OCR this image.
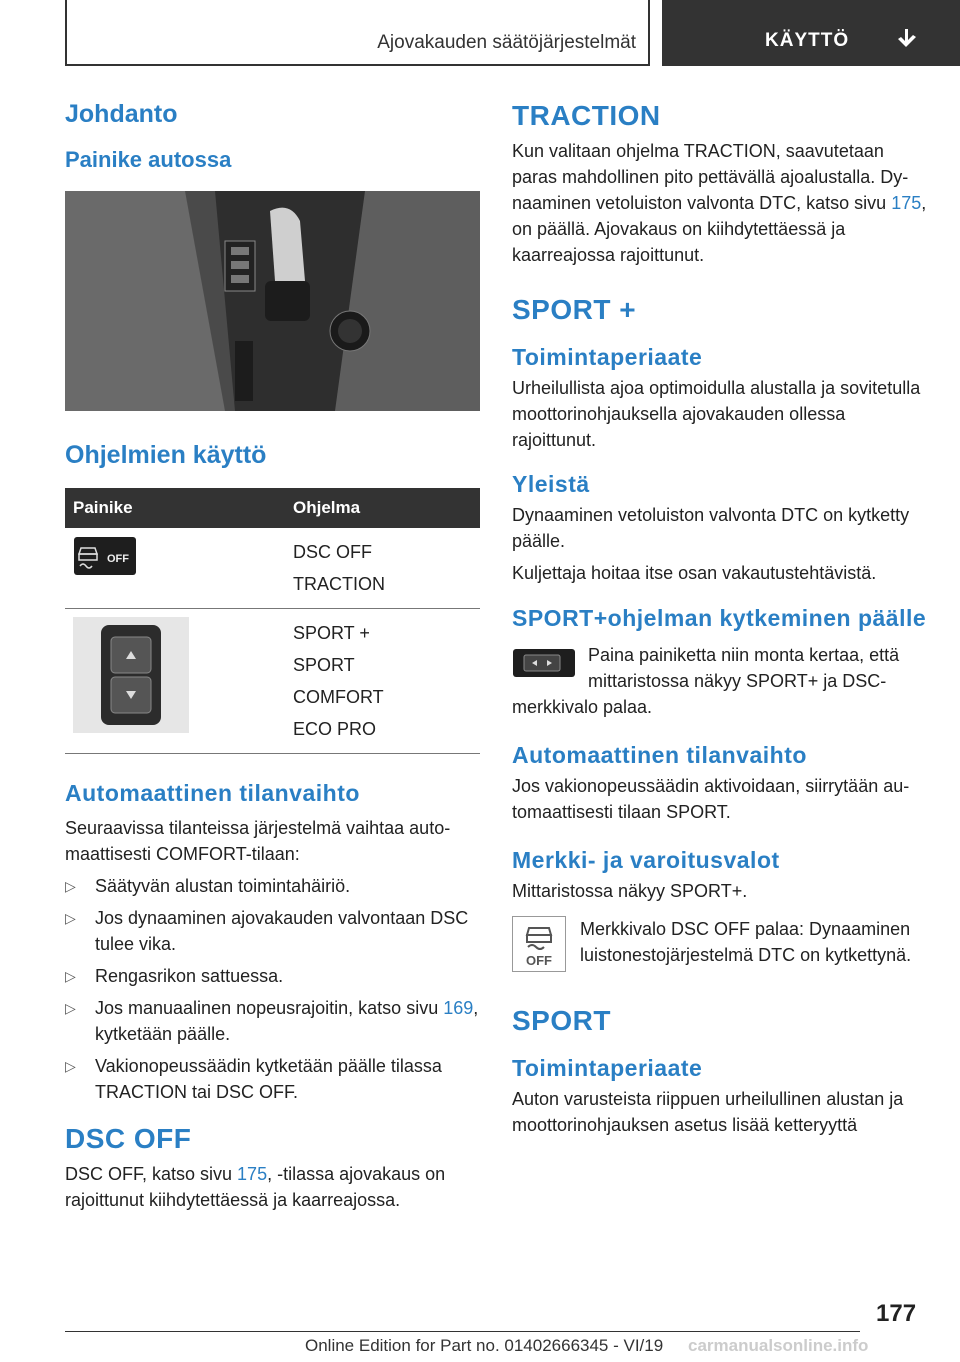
Ajovakauden säätöjärjestelmät	KÄYTTÖ
Johdanto
Painike autossa
Ohjelmien käyttö
Painike	Ohjelma

OFF	DSC OFF
TRACTION

SPORT +
SPORT
COMFORT
ECO PRO
Automaattinen tilanvaihto

Seuraavissa tilanteissa järjestelmä vaihtaa automaattisesti COMFORT-tilaan:

▷ Säätyvän alustan toimintahäiriö.
▷ Jos dynaaminen ajovakauden valvontaan DSC tulee vika.
▷ Rengasrikon sattuessa.
▷ Jos manuaalinen nopeusrajoitin, katso sivu 169, kytketään päälle.
▷ Vakionopeussäädin kytketään päälle tilassa TRACTION tai DSC OFF.
DSC OFF

DSC OFF, katso sivu 175, -tilassa ajovakaus on rajoittunut kiihdytettäessä ja kaarreajossa.

TRACTION

Kun valitaan ohjelma TRACTION, saavutetaan paras mahdollinen pito pettävällä ajoalustalla. Dynaaminen vetoluiston valvonta DTC, katso sivu 175, on päällä. Ajovakaus on kiihdytettäessä ja kaarreajossa rajoittunut.

SPORT +
Toimintaperiaate

Urheilullista ajoa optimoidulla alustalla ja sovitetulla moottorinohjauksella ajovakauden ollessa rajoittunut.

Yleistä

Dynaaminen vetoluiston valvonta DTC on kytketty päälle.

Kuljettaja hoitaa itse osan vakautustehtävistä.

SPORT+ohjelman kytkeminen päälle

Paina painiketta niin monta kertaa, että mittaristossa näkyy SPORT+ ja DSC-merkkivalo palaa.

Automaattinen tilanvaihto

Jos vakionopeussäädin aktivoidaan, siirrytään automaattisesti tilaan SPORT.

Merkki- ja varoitusvalot

Mittaristossa näkyy SPORT+.

OFF

Merkkivalo DSC OFF palaa: Dynaaminen luistonestojärjestelmä DTC on kytkettynä.

SPORT
Toimintaperiaate

Auton varusteista riippuen urheilullinen alustan ja moottorinohjauksen asetus lisää ketteryyttä

177
Online Edition for Part no. 01402666345 - VI/19 carmanualsonline.info
